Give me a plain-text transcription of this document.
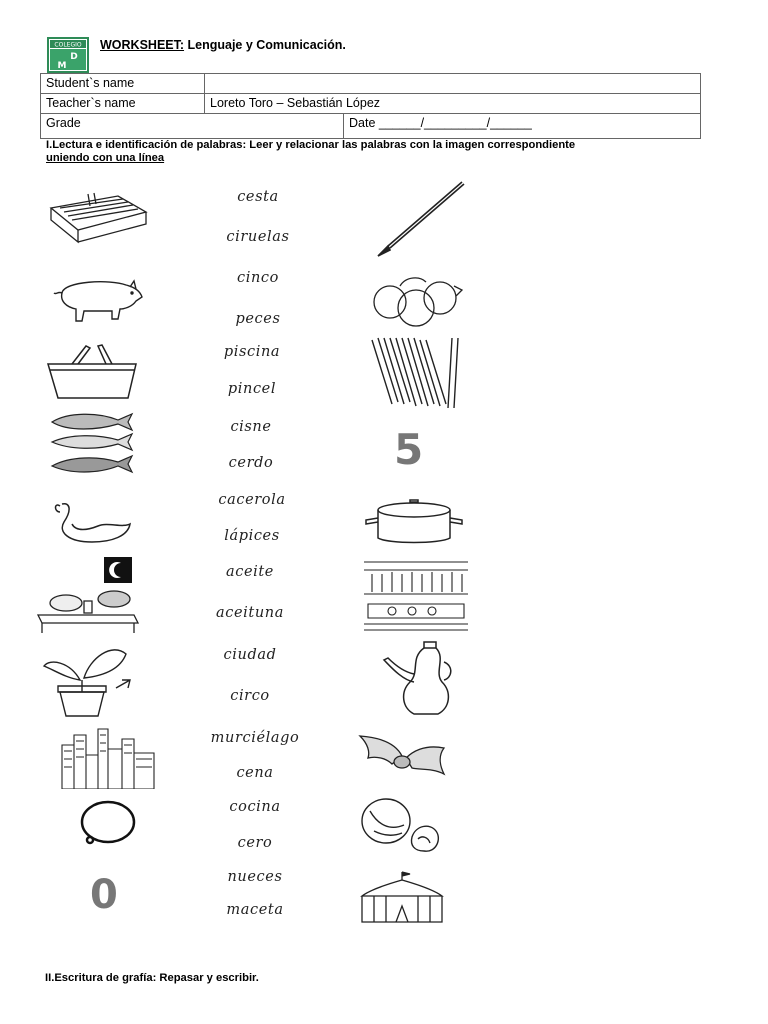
COLEGIO
D
M
WORKSHEET: Lenguaje y Comunicación.
Student`s name		
Teacher`s name	Loreto Toro – Sebastián López	
Grade		Date ______/_________/______
I.Lectura e identificación de palabras: Leer y relacionar las palabras con la imagen correspondiente
uniendo con una línea
cesta
ciruelas
cinco
peces
piscina
pincel
cisne
cerdo
cacerola
lápices
aceite
aceituna
ciudad
circo
murciélago
cena
cocina
cero
nueces
maceta
0
5
II.Escritura de grafía: Repasar y escribir.
